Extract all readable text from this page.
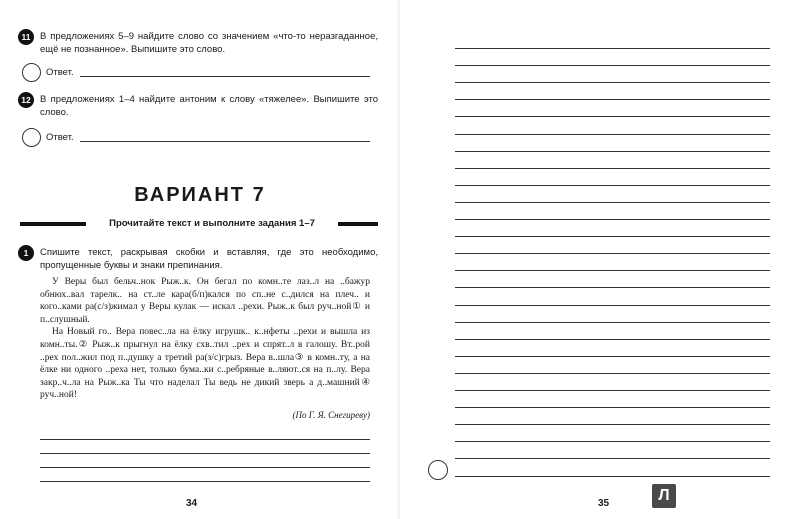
11	В предложениях 5–9 найдите слово со значением «что-то неразгаданное, ещё не познанное». Выпишите это слово.
Ответ.
12 В предложениях 1–4 найдите антоним к слову «тяжелее». Выпишите это слово.
Ответ.
ВАРИАНТ 7
Прочитайте текст и выполните задания 1–7
1	Спишите текст, раскрывая скобки и вставляя, где это необходимо, пропущенные буквы и знаки препинания.

У Веры был бельч..нок Рыж..к. Он бегал по комн..те лаз..л на ..бажур обнюх..вал тарелк.. на ст..ле кара(б/п)кался по сп..не с..дился на плеч.. и кого..ками ра(с/з)жимал у Веры кулак — искал ..рехи. Рыж..к был руч..ной① и п..слушный.

На Новый го.. Вера повес..ла на ёлку игрушк.. к..нфеты ..рехи и вышла из комн..ты.② Рыж..к прыгнул на ёлку схв..тил ..рех и спрят..л в галошу. Вт..рой ..рех пол..жил под п..душку а третий ра(з/с)грыз. Вера в..шла③ в комн..ту, а на ёлке ни одного ..реха нет, только бума..ки с..ребряные в..ляют..ся на п..лу. Вера закр..ч..ла на Рыж..ка Ты что наделал Ты ведь не дикий зверь а д..машний④ руч..ной!

(По Г. Я. Снегиреву)
34	35	Л
